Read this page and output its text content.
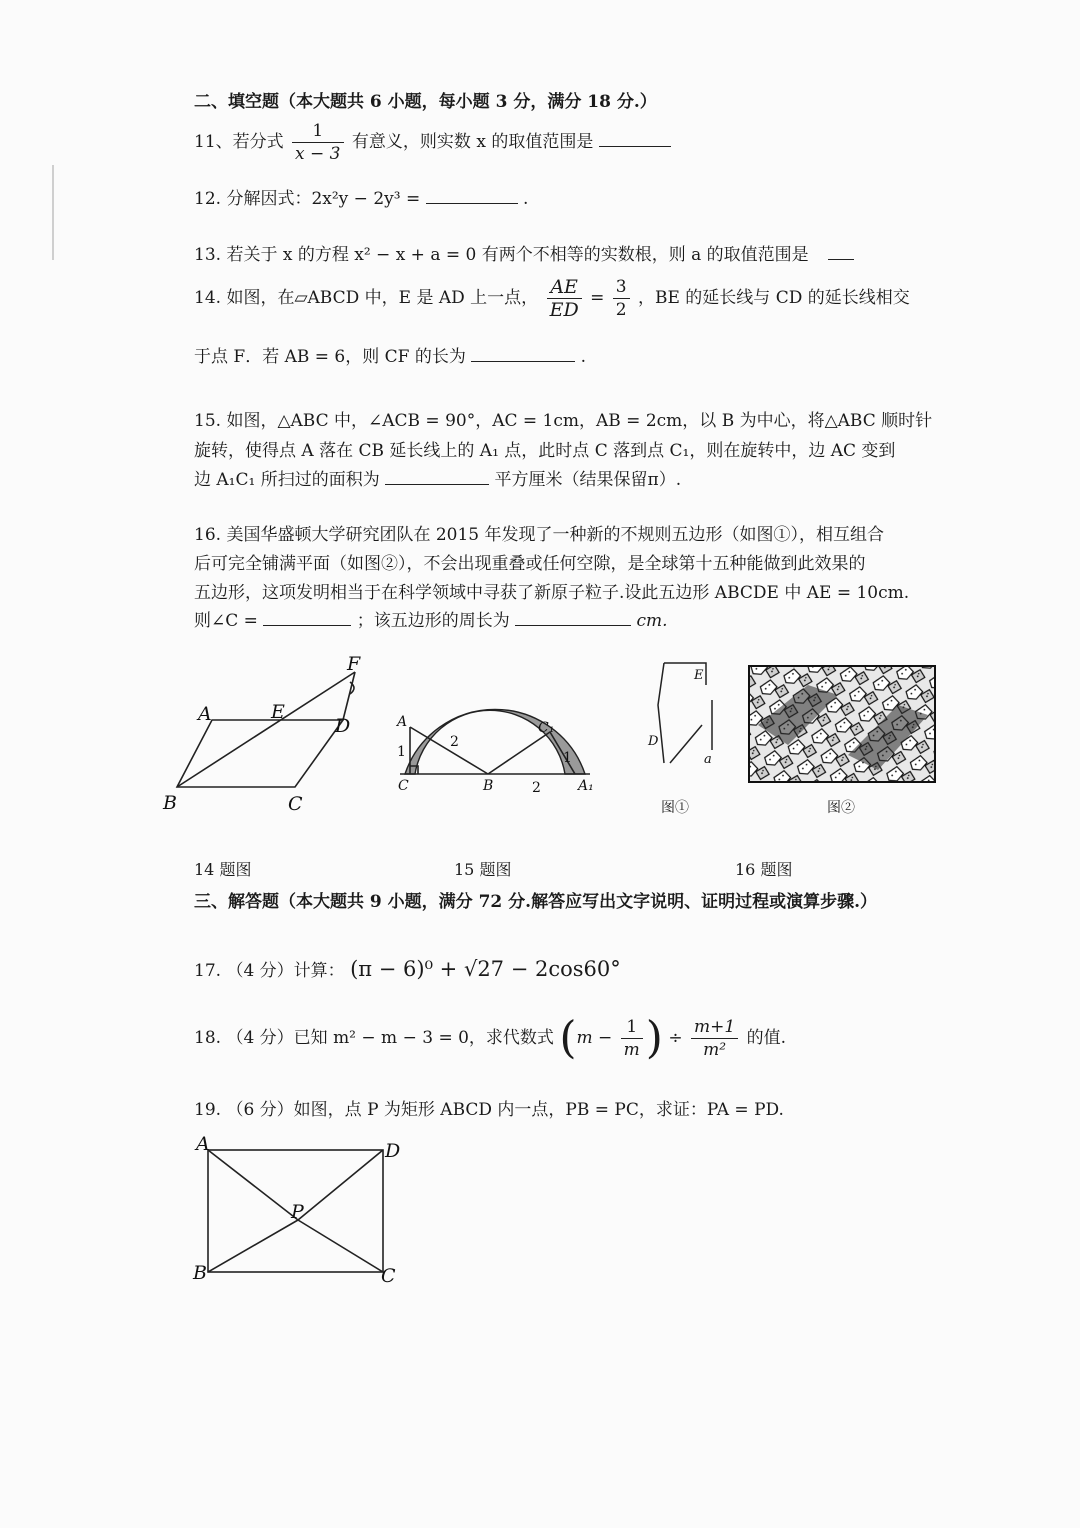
二、填空题（本大题共 6 小题，每小题 3 分，满分 18 分.）
11、若分式 $\frac{1}{x - 3}$ 有意义，则实数 x 的取值范围是
12. 分解因式：2x²y − 2y³ =	.
13. 若关于 x 的方程 x² − x + a = 0 有两个不相等的实数根，则 a 的取值范围是
14. 如图，在▱ABCD 中，E 是 AD 上一点， $\frac{AE}{ED} = \frac{3}{2}$ ，BE 的延长线与 CD 的延长线相交
于点 F．若 AB = 6，则 CF 的长为	.
15. 如图，△ABC 中，∠ACB = 90°，AC = 1cm，AB = 2cm，以 B 为中心，将△ABC 顺时针
旋转，使得点 A 落在 CB 延长线上的 A₁ 点，此时点 C 落到点 C₁，则在旋转中，边 AC 变到
边 A₁C₁ 所扫过的面积为	平方厘米（结果保留π）.
16. 美国华盛顿大学研究团队在 2015 年发现了一种新的不规则五边形（如图①），相互组合
后可完全铺满平面（如图②），不会出现重叠或任何空隙，是全球第十五种能做到此效果的
五边形，这项发明相当于在科学领域中寻获了新原子粒子.设此五边形 ABCDE 中 AE = 10cm.
则∠C =	；该五边形的周长为	cm.
A	E
F
D
B	C
A
1
2
C₁
1
C	B	2	A₁
E
D
a
图①	图②
14 题图	15 题图	16 题图
三、解答题（本大题共 9 小题，满分 72 分.解答应写出文字说明、证明过程或演算步骤.）
17. （4 分）计算： (π − 6)⁰ + √27 − 2cos60°
18. （4 分）已知 m² − m − 3 = 0，求代数式 ($m - \frac{1}{m}$ ) ÷ $\frac{m+1}{\text{m²}}$ 的值.
19. （6 分）如图，点 P 为矩形 ABCD 内一点，PB = PC，求证：PA = PD.
A	D
P
B	C
